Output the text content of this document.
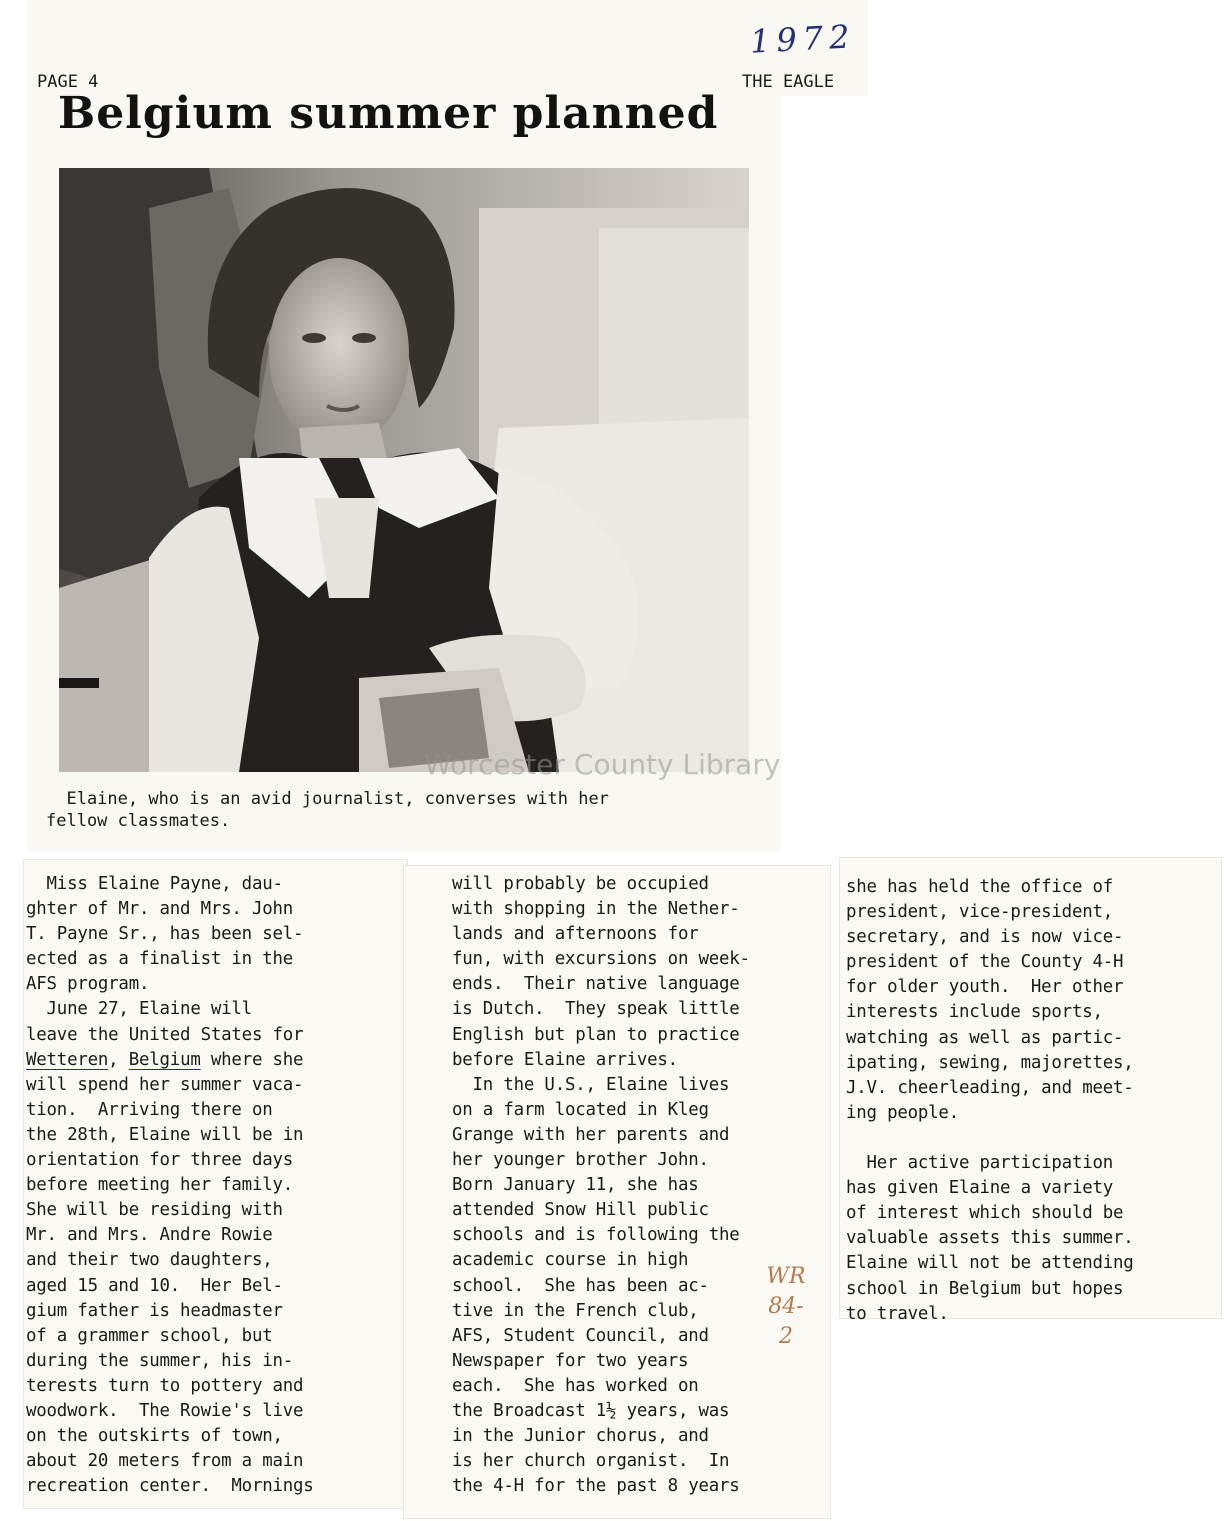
1972

PAGE 4	THE EAGLE
Belgium summer planned
Worcester County Library

Elaine, who is an avid journalist, converses with her
fellow classmates.

Miss Elaine Payne, dau-
ghter of Mr. and Mrs. John
T. Payne Sr., has been sel-
ected as a finalist in the
AFS program.
June 27, Elaine will
leave the United States for
Wetteren, Belgium where she
will spend her summer vaca-
tion.  Arriving there on
the 28th, Elaine will be in
orientation for three days
before meeting her family.
She will be residing with
Mr. and Mrs. Andre Rowie
and their two daughters,
aged 15 and 10.  Her Bel-
gium father is headmaster
of a grammer school, but
during the summer, his in-
terests turn to pottery and
woodwork.  The Rowie's live
on the outskirts of town,
about 20 meters from a main
recreation center.  Mornings

will probably be occupied
with shopping in the Nether-
lands and afternoons for
fun, with excursions on week-
ends.  Their native language
is Dutch.  They speak little
English but plan to practice
before Elaine arrives.
In the U.S., Elaine lives
on a farm located in Kleg
Grange with her parents and
her younger brother John.
Born January 11, she has
attended Snow Hill public
schools and is following the
academic course in high
school.  She has been ac-
tive in the French club,
AFS, Student Council, and
Newspaper for two years
each.  She has worked on
the Broadcast 1½ years, was
in the Junior chorus, and
is her church organist.  In
the 4-H for the past 8 years

she has held the office of
president, vice-president,
secretary, and is now vice-
president of the County 4-H
for older youth.  Her other
interests include sports,
watching as well as partic-
ipating, sewing, majorettes,
J.V. cheerleading, and meet-
ing people.

Her active participation
has given Elaine a variety
of interest which should be
valuable assets this summer.
Elaine will not be attending
school in Belgium but hopes
to travel.

WR
84-
2
